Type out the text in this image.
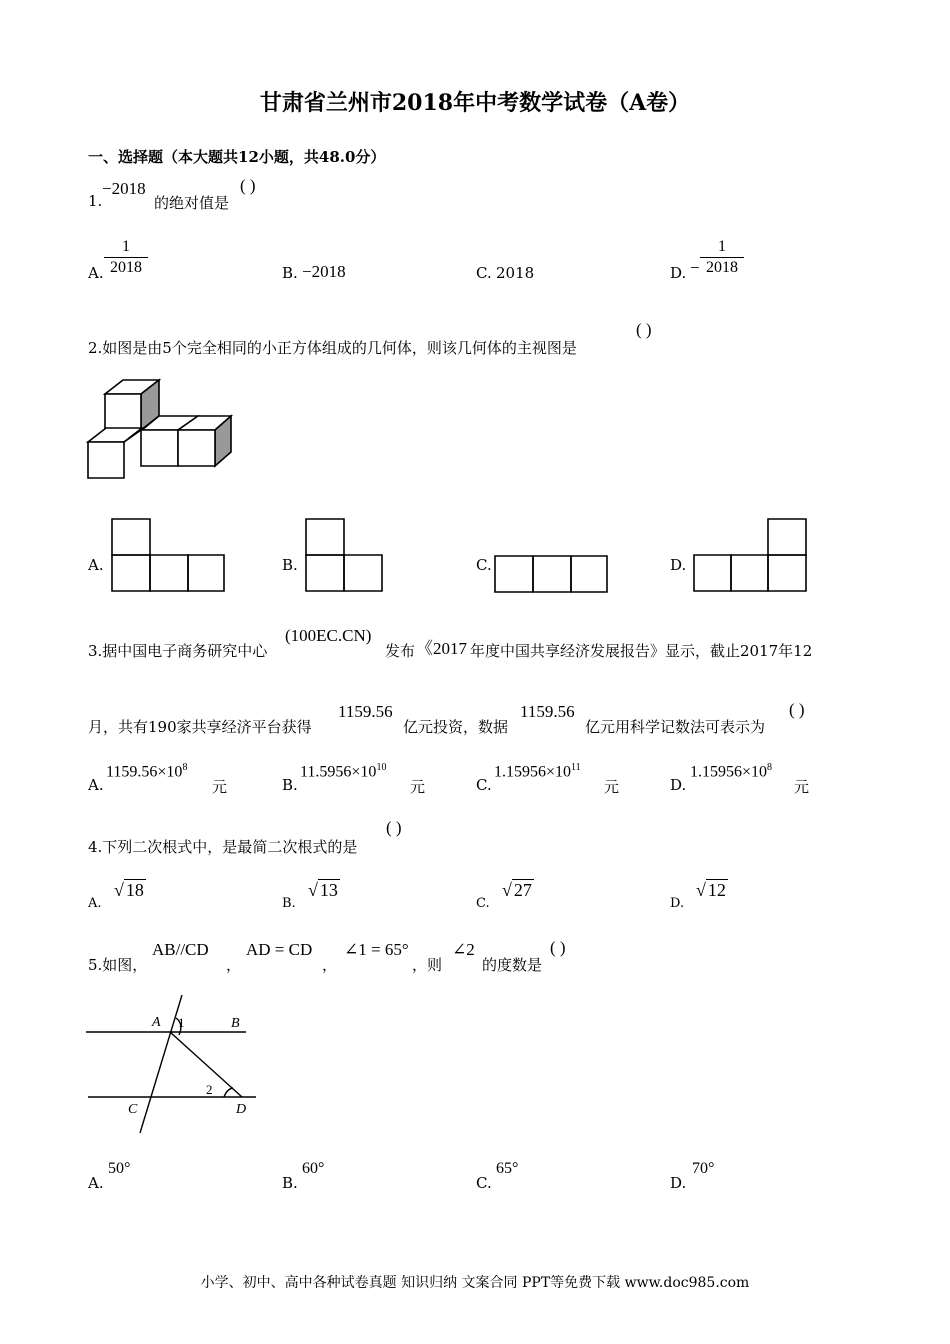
甘肃省兰州市2018年中考数学试卷（A卷）
一、选择题（本大题共12小题，共48.0分）
1.
−2018
的绝对值是
( )
A. $\frac{1}{2018}$	B. −2018	C. 2018	D. − $\frac{1}{2018}$
2.如图是由5个完全相同的小正方体组成的几何体，则该几何体的主视图是
( )
A.	B.	C.	D.
3.据中国电子商务研究中心
(100EC.CN)
发布 《2017 年度中国共享经济发展报告》显示，截止2017年12
月，共有190家共享经济平台获得
1159.56
亿元投资，数据
1159.56
亿元用科学记数法可表示为
( )
A.
$1159.56\times 10^8$
元	B.
$11.5956\times 10^{10}$
元	C.
$1.15956\times 10^{11}$
元	D.
$1.15956\times 10^8$
元
4.下列二次根式中，是最简二次根式的是
( )
A.
√ 18
B.
√ 13
C.
√ 27
D.
√ 12
5.如图，
AB//CD
，
AD = CD
，
∠1 = 65°
，则
∠2
的度数是
( )
A	B
C	D
1
2
A.
50°
B.
60°
C.
65°
D.
70°
小学、初中、高中各种试卷真题 知识归纳 文案合同 PPT等免费下载 www.doc985.com
